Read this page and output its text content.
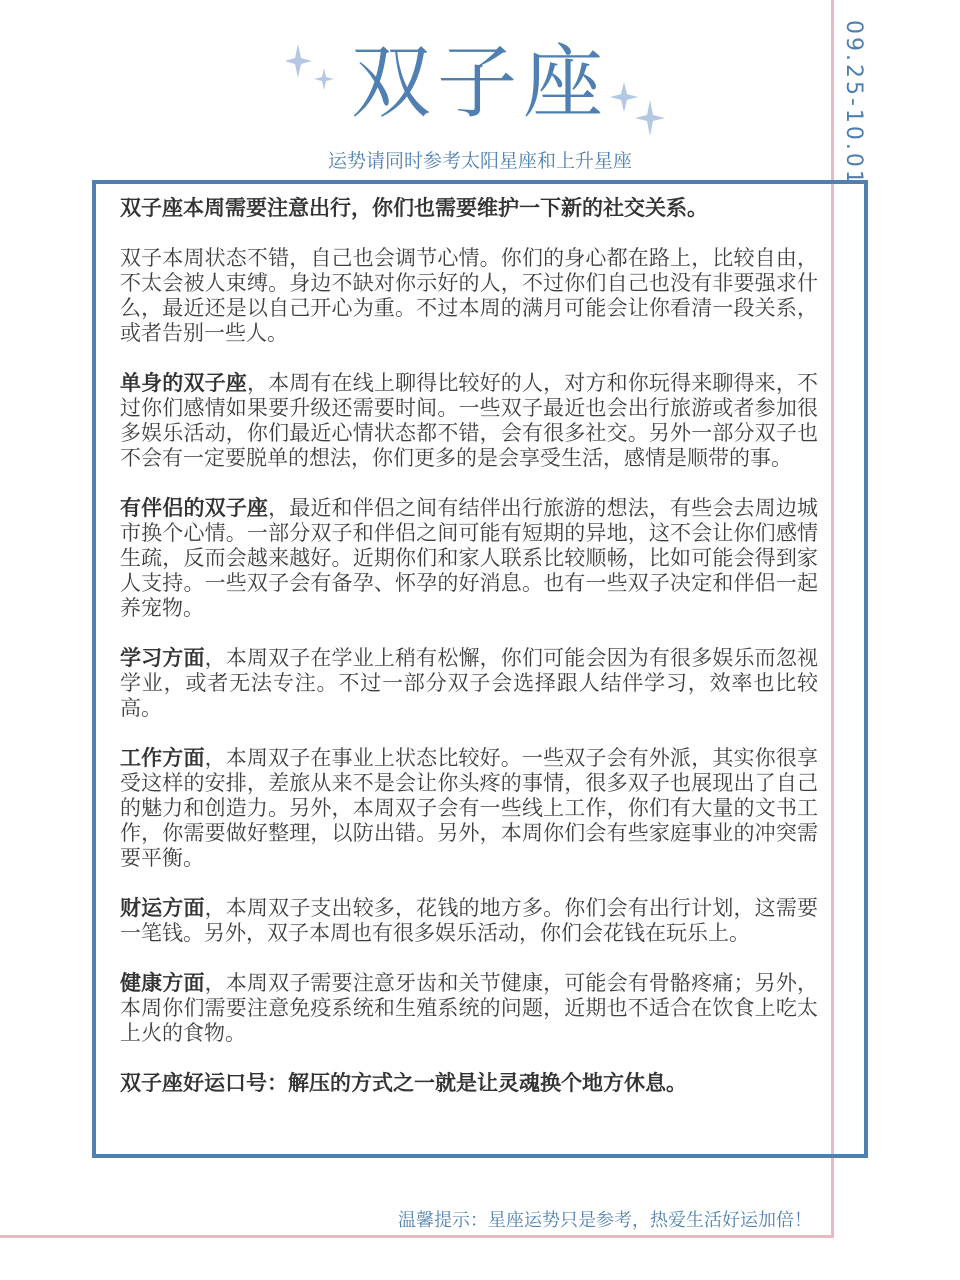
双子座
运势请同时参考太阳星座和上升星座	09.25-10.01

双子座本周需要注意出行，你们也需要维护一下新的社交关系。

双子本周状态不错，自己也会调节心情。你们的身心都在路上，比较自由，不太会被人束缚。身边不缺对你示好的人，不过你们自己也没有非要强求什么，最近还是以自己开心为重。不过本周的满月可能会让你看清一段关系，或者告别一些人。

单身的双子座，本周有在线上聊得比较好的人，对方和你玩得来聊得来，不过你们感情如果要升级还需要时间。一些双子最近也会出行旅游或者参加很多娱乐活动，你们最近心情状态都不错，会有很多社交。另外一部分双子也不会有一定要脱单的想法，你们更多的是会享受生活，感情是顺带的事。

有伴侣的双子座，最近和伴侣之间有结伴出行旅游的想法，有些会去周边城市换个心情。一部分双子和伴侣之间可能有短期的异地，这不会让你们感情生疏，反而会越来越好。近期你们和家人联系比较顺畅，比如可能会得到家人支持。一些双子会有备孕、怀孕的好消息。也有一些双子决定和伴侣一起养宠物。

学习方面，本周双子在学业上稍有松懈，你们可能会因为有很多娱乐而忽视学业，或者无法专注。不过一部分双子会选择跟人结伴学习，效率也比较高。

工作方面，本周双子在事业上状态比较好。一些双子会有外派，其实你很享受这样的安排，差旅从来不是会让你头疼的事情，很多双子也展现出了自己的魅力和创造力。另外，本周双子会有一些线上工作，你们有大量的文书工作，你需要做好整理，以防出错。另外，本周你们会有些家庭事业的冲突需要平衡。

财运方面，本周双子支出较多，花钱的地方多。你们会有出行计划，这需要一笔钱。另外，双子本周也有很多娱乐活动，你们会花钱在玩乐上。

健康方面，本周双子需要注意牙齿和关节健康，可能会有骨骼疼痛；另外，本周你们需要注意免疫系统和生殖系统的问题，近期也不适合在饮食上吃太上火的食物。

双子座好运口号：解压的方式之一就是让灵魂换个地方休息。

温馨提示：星座运势只是参考，热爱生活好运加倍！
